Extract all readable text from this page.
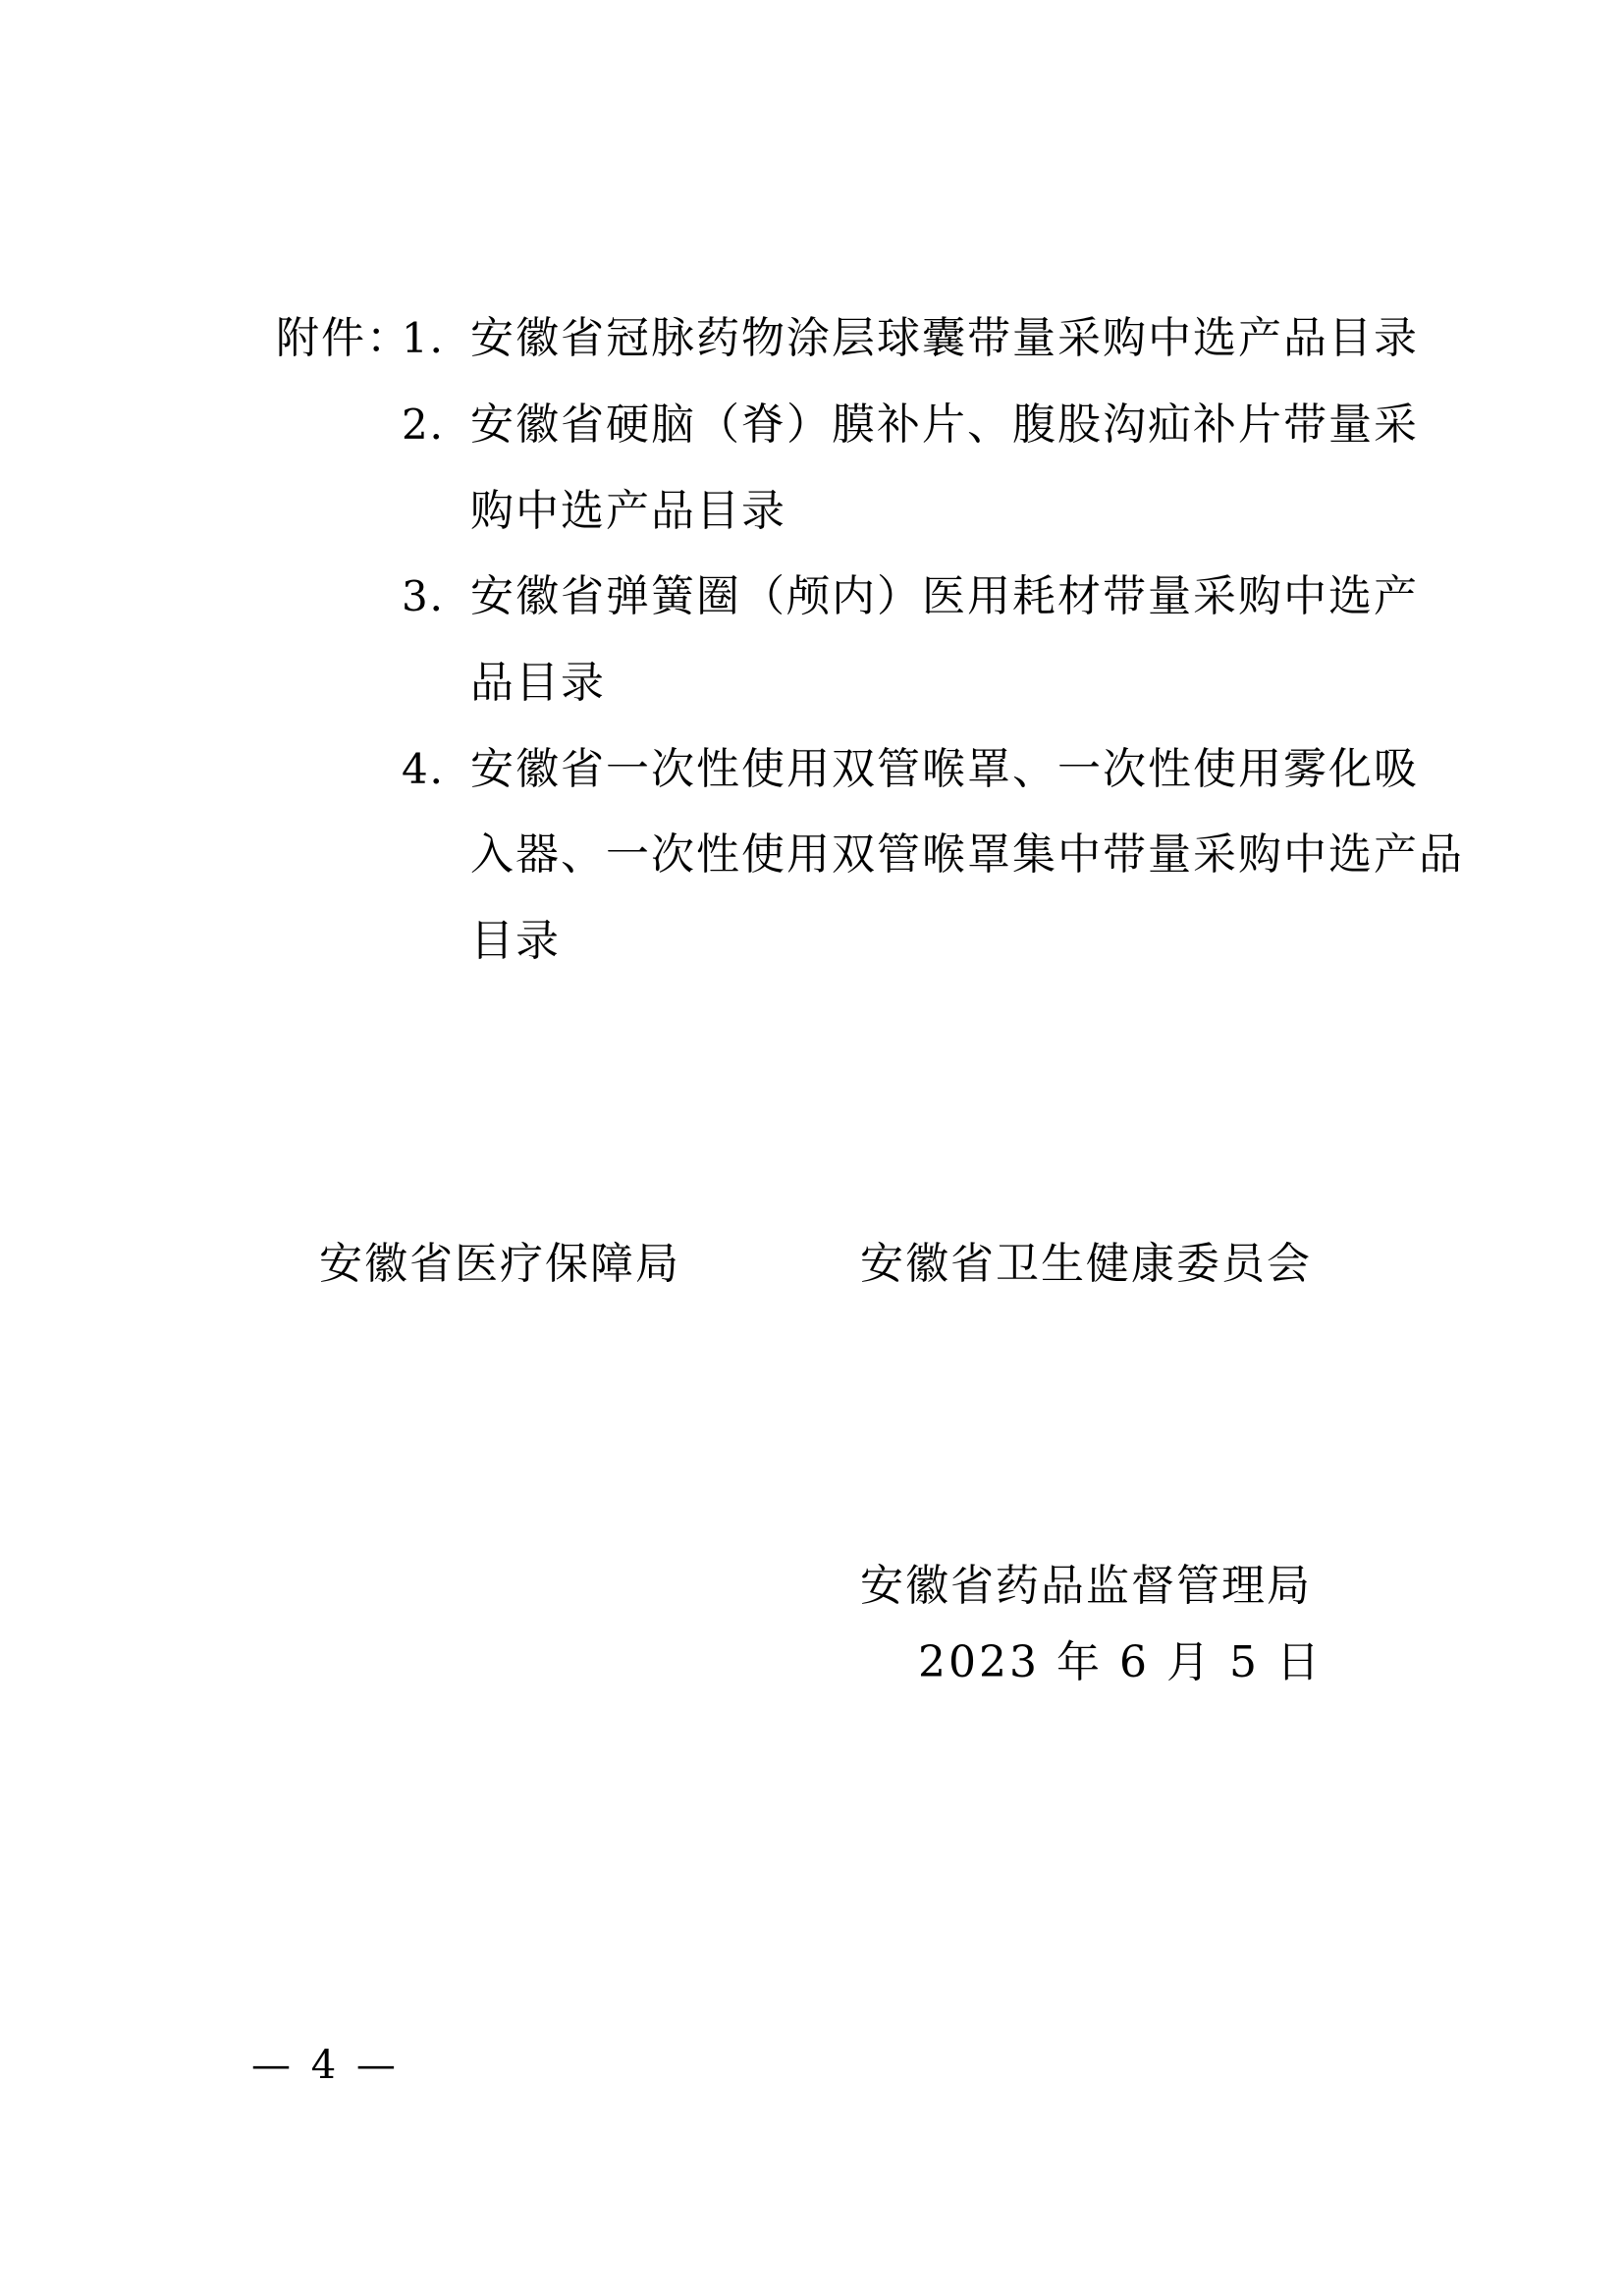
附件：
1．
安徽省冠脉药物涂层球囊带量采购中选产品目录
2．
安徽省硬脑（脊）膜补片、腹股沟疝补片带量采
购中选产品目录
3．
安徽省弹簧圈（颅内）医用耗材带量采购中选产
品目录
4．
安徽省一次性使用双管喉罩、一次性使用雾化吸
入器、一次性使用双管喉罩集中带量采购中选产品
目录
安徽省医疗保障局	安徽省卫生健康委员会
安徽省药品监督管理局
2023 年 6 月 5 日
— 4 —
